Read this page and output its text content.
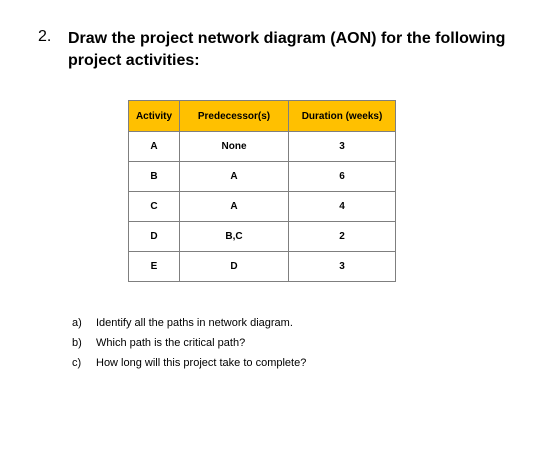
2. Draw the project network diagram (AON) for the following project activities:
Activity	Predecessor(s)	Duration (weeks)
A	None	3
B	A	6
C	A	4
D	B,C	2
E	D	3
a) Identify all the paths in network diagram.
b) Which path is the critical path?
c) How long will this project take to complete?
